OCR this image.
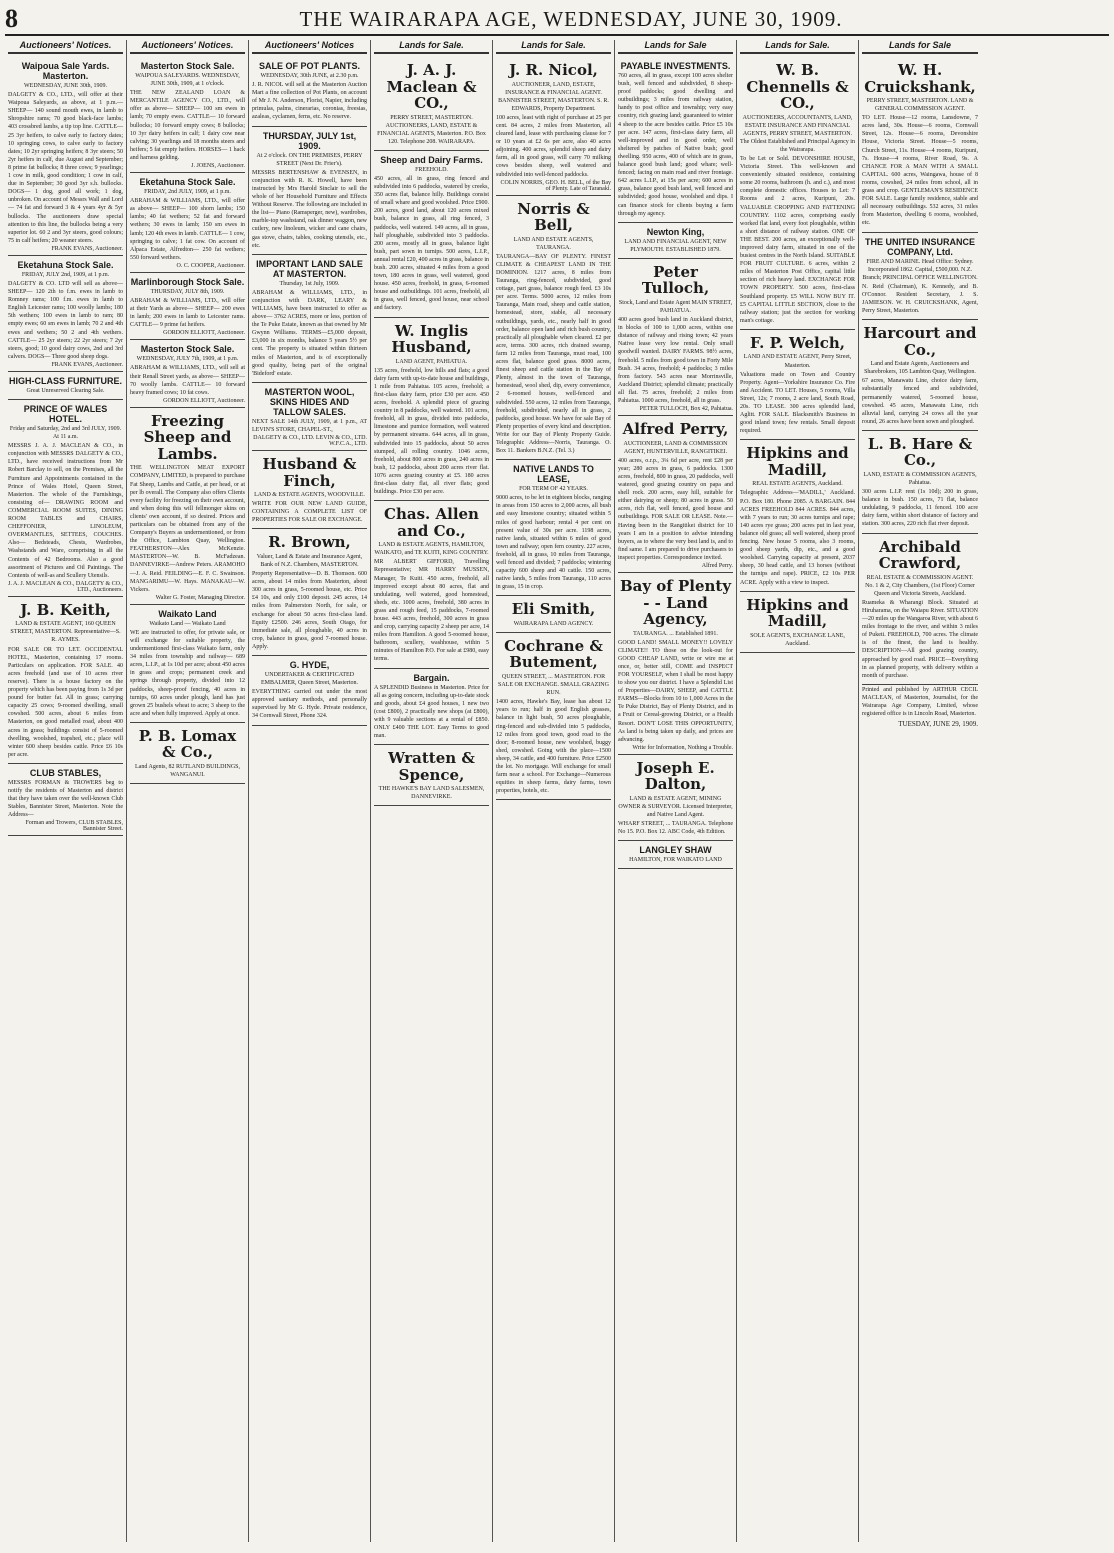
8	THE WAIRARAPA AGE, WEDNESDAY, JUNE 30, 1909.
Auctioneers' Notices.
Waipoua Sale Yards. Masterton.
WEDNESDAY, JUNE 30th, 1909.
DALGETY & CO., LTD., will offer at their Waipoua Saleyards, as above, at 1 p.m.— SHEEP— 140 sound mouth ewes, in lamb to Shropshire rams; 70 good black-face lambs; 403 crossbred lambs, a tip top line. CATTLE— 25 3yr heifers, to calve early to factory dates; 10 springing cows, to calve early to factory dates; 10 2yr springing heifers; 8 3yr steers; 50 2yr heifers in calf, due August and September; 8 prime fat bullocks; 8 three cows; 9 yearlings; 1 cow in milk, good condition; 1 cow in calf, due in September; 30 good 3yr s.h. bullocks. DOGS— 1 dog, good all work; 1 dog, unbroken. On account of Messrs Wall and Lord— 74 fat and forward 3 & 4 years 4yr & 5yr bullocks. The auctioneers draw special attention to this line, the bullocks being a very superior lot. 60 2 and 3yr steers, good colours; 75 in calf heifers; 20 weaner steers.
FRANK EVANS, Auctioneer.
Eketahuna Stock Sale.
FRIDAY, JULY 2nd, 1909, at 1 p.m.
DALGETY & CO. LTD will sell as above— SHEEP— 120 2th to f.m. ewes in lamb to Romney rams; 100 f.m. ewes in lamb to English Leicester rams; 100 woolly lambs; 180 5th wethers; 100 ewes in lamb to ram; 80 empty ewes; 60 sm ewes in lamb; 70 2 and 4th ewes and wethers; 50 2 and 4th wethers. CATTLE— 25 2yr steers; 22 2yr steers; 7 2yr steers, good; 10 good dairy cows, 2nd and 3rd calvers. DOGS— Three good sheep dogs.
FRANK EVANS, Auctioneer.
HIGH-CLASS FURNITURE.
Great Unreserved Clearing Sale.
PRINCE OF WALES HOTEL.
Friday and Saturday, 2nd and 3rd JULY, 1909. At 11 a.m.
MESSRS J. A. J. MACLEAN & CO., in conjunction with MESSRS DALGETY & CO., LTD., have received instructions from Mr Robert Barclay to sell, on the Premises, all the Furniture and Appointments contained in the Prince of Wales Hotel, Queen Street, Masterton. The whole of the Furnishings, consisting of— DRAWING ROOM and COMMERCIAL ROOM SUITES, DINING ROOM TABLES and CHAIRS, CHEFFONIER, LINOLEUM, OVERMANTLES, SETTEES, COUCHES. Also— Bedsteads, Chests, Wardrobes, Washstands and Ware, comprising in all the Contents of 42 Bedrooms. Also a good assortment of Pictures and Oil Paintings. The Contents of well-as and Scullery Utensils.
J. A. J. MACLEAN & CO., DALGETY & CO., LTD., Auctioneers.
J. B. Keith,
LAND & ESTATE AGENT, 160 QUEEN STREET, MASTERTON. Representative—S. R. AYMES.
FOR SALE OR TO LET. OCCIDENTAL HOTEL, Masterton, containing 17 rooms. Particulars on application. FOR SALE. 40 acres freehold (and use of 10 acres river reserve). There is a house factory on the property which has been paying from 1s 3d per pound for butter fat. All in grass; carrying capacity 25 cows; 9-roomed dwelling, small cowshed. 500 acres, about 6 miles from Masterton, on good metalled road, about 400 acres in grass; buildings consist of 5-roomed dwelling, woolshed, trapshed, etc.; place will winter 600 sheep besides cattle. Price £6 10s per acre.
CLUB STABLES,
MESSRS FORMAN & TROWERS beg to notify the residents of Masterton and district that they have taken over the well-known Club Stables, Bannister Street, Masterton. Note the Address—
Forman and Trowers, CLUB STABLES, Bannister Street.
Auctioneers' Notices.
Masterton Stock Sale.
WAIPOUA SALEYARDS. WEDNESDAY, JUNE 30th, 1909, at 1 o'clock.
THE NEW ZEALAND LOAN & MERCANTILE AGENCY CO., LTD., will offer as above— SHEEP— 100 sm ewes in lamb; 70 empty ewes. CATTLE— 10 forward bullocks; 10 forward empty cows; 8 bullocks; 10 3yr dairy heifers in calf; 1 dairy cow near calving; 30 yearlings and 18 months steers and heifers; 5 fat empty heifers. HORSES— 1 hack and harness gelding.
J. JOENS, Auctioneer.
Eketahuna Stock Sale.
FRIDAY, 2nd JULY, 1909, at 1 p.m.
ABRAHAM & WILLIAMS, LTD., will offer as above— SHEEP— 100 shorn lambs; 150 lambs; 40 fat wethers; 52 fat and forward wethers; 30 ewes in lamb; 150 sm ewes in lamb; 120 4th ewes in lamb. CATTLE— 1 cow, springing to calve; 1 fat cow. On account of Alpaca Estate, Alfredton— 250 fat wethers; 550 forward wethers.
O. C. COOPER, Auctioneer.
Marlinborough Stock Sale.
THURSDAY, JULY 8th, 1909.
ABRAHAM & WILLIAMS, LTD., will offer at their Yards as above— SHEEP— 200 ewes in lamb; 200 ewes in lamb to Leicester rams. CATTLE— 9 prime fat heifers.
GORDON ELLIOTT, Auctioneer.
Masterton Stock Sale.
WEDNESDAY, JULY 7th, 1909, at 1 p.m.
ABRAHAM & WILLIAMS, LTD., will sell at their Renall Street yards, as above— SHEEP— 70 woolly lambs. CATTLE— 10 forward heavy framed cows; 10 fat cows.
GORDON ELLIOTT, Auctioneer.
Freezing Sheep and Lambs.
THE WELLINGTON MEAT EXPORT COMPANY, LIMITED, is prepared to purchase Fat Sheep, Lambs and Cattle, at per head, or at per lb overall. The Company also offers Clients every facility for freezing on their own account, and when doing this will fellmonger skins on clients' own account, if so desired. Prices and particulars can be obtained from any of the Company's Buyers as undermentioned, or from the Office, Lambton Quay, Wellington. FEATHERSTON—Alex McKenzie. MASTERTON—W. B. McFadzean. DANNEVIRKE—Andrew Peters. ARAMOHO—J. A. Reid. FEILDING—E. F. C. Swainson. MANGARIMU—W. Hays. MANAKAU—W. Vickers.
Walter G. Foster, Managing Director.
Waikato Land
Waikato Land — Waikato Land
WE are instructed to offer, for private sale, or will exchange for suitable property, the undermentioned first-class Waikato farm, only 34 miles from township and railway— 689 acres, L.I.P., at 1s 10d per acre; about 450 acres in grass and crops; permanent creek and springs through property, divided into 12 paddocks, sheep-proof fencing, 40 acres in turnips, 60 acres under plough, land has just grown 25 bushels wheat to acre; 3 sheep to the acre and when fully improved. Apply at once.
P. B. Lomax & Co.,
Land Agents, 82 RUTLAND BUILDINGS, WANGANUI.
Auctioneers' Notices
SALE OF POT PLANTS.
WEDNESDAY, 30th JUNE, at 2.30 p.m.
J. R. NICOL will sell at the Masterton Auction Mart a fine collection of Pot Plants, on account of Mr J. N. Anderson, Florist, Napier, including primulas, palms, cinerarias, coronias, freesias, azaleas, cyclamen, ferns, etc. No reserve.
THURSDAY, JULY 1st, 1909.
At 2 o'clock. ON THE PREMISES, PERRY STREET (Next Dr. Frier's).
MESSRS BERTENSHAW & EVENSEN, in conjunction with R. K. Howell, have been instructed by Mrs Harold Sinclair to sell the whole of her Household Furniture and Effects Without Reserve. The following are included in the list— Piano (Ramsperger, new), wardrobes, marble-top washstand, oak dinner waggon, new cutlery, new linoleum, wicker and cane chairs, gas stove, chairs, tables, cooking utensils, etc., etc.
IMPORTANT LAND SALE AT MASTERTON.
Thursday, 1st July, 1909.
ABRAHAM & WILLIAMS, LTD., in conjunction with DARK, LEARY & WILLIAMS, have been instructed to offer as above— 3762 ACRES, more or less, portion of the Te Puke Estate, known as that owned by Mr Gwynn Williams. TERMS—£5,000 deposit, £3,000 in six months, balance 5 years 5½ per cent. The property is situated within thirteen miles of Masterton, and is of exceptionally good quality, being part of the original 'Bideford' estate.
MASTERTON WOOL, SKINS HIDES AND TALLOW SALES.
NEXT SALE 14th JULY, 1909, at 1 p.m., AT LEVIN'S STORE, CHAPEL-ST.,
DALGETY & CO., LTD. LEVIN & CO., LTD. W.F.C.A., LTD.
Husband & Finch,
LAND & ESTATE AGENTS, WOODVILLE.
WRITE FOR OUR NEW LAND GUIDE, CONTAINING A COMPLETE LIST OF PROPERTIES FOR SALE OR EXCHANGE.
R. Brown,
Valuer, Land & Estate and Insurance Agent, Bank of N.Z. Chambers, MASTERTON.
Property Representative—D. B. Thomson. 600 acres, about 14 miles from Masterton, about 300 acres in grass, 5-roomed house, etc. Price £4 10s, and only £100 deposit. 245 acres, 14 miles from Palmerston North, for sale, or exchange for about 50 acres first-class land. Equity £2500. 246 acres, South Otago, for immediate sale, all ploughable, 40 acres in crop, balance in grass, good 7-roomed house. Apply.
G. HYDE,
UNDERTAKER & CERTIFICATED EMBALMER, Queen Street, Masterton.
EVERYTHING carried out under the most approved sanitary methods, and personally supervised by Mr G. Hyde. Private residence, 34 Cornwall Street, Phone 324.
Lands for Sale.
J. A. J. Maclean & CO.,
PERRY STREET, MASTERTON. AUCTIONEERS, LAND, ESTATE & FINANCIAL AGENTS, Masterton. P.O. Box 120. Telephone 208. WAIRARAPA.
Sheep and Dairy Farms.
FREEHOLD.
450 acres, all in grass, ring fenced and subdivided into 6 paddocks, watered by creeks, 350 acres flat, balance hilly. Buildings consist of small whare and good woolshed. Price £900. 200 acres, good land, about 120 acres mixed bush, balance in grass, all ring fenced, 3 paddocks, well watered. 149 acres, all in grass, half ploughable, subdivided into 3 paddocks. 200 acres, mostly all in grass, balance light bush, part sown in turnips. 500 acres, L.I.P., annual rental £20, 400 acres in grass, balance in bush. 200 acres, situated 4 miles from a good town, 180 acres in grass, well watered, good house. 450 acres, freehold, in grass, 6-roomed house and outbuildings. 101 acres, freehold, all in grass, well fenced, good house, near school and factory.
W. Inglis Husband,
LAND AGENT, PAHIATUA.
135 acres, freehold, low hills and flats; a good dairy farm with up-to-date house and buildings, 1 mile from Pahiatua. 105 acres, freehold; a first-class dairy farm, price £30 per acre. 450 acres, freehold. A splendid piece of grazing country in 8 paddocks, well watered. 101 acres, freehold, all in grass, divided into paddocks, limestone and pumice formation, well watered by permanent streams. 644 acres, all in grass, subdivided into 15 paddocks, about 50 acres stumped, all rolling country. 1046 acres, freehold, about 800 acres in grass, 240 acres in bush, 12 paddocks, about 200 acres river flat. 1076 acres grazing country at £5. 180 acres first-class dairy flat, all river flats; good buildings. Price £30 per acre.
Chas. Allen and Co.,
LAND & ESTATE AGENTS, HAMILTON, WAIKATO, and TE KUITI, KING COUNTRY.
MR ALBERT GIFFORD, Travelling Representative; MR HARRY MUSSEN, Manager, Te Kuiti. 450 acres, freehold, all improved except about 80 acres, flat and undulating, well watered, good homestead, sheds, etc. 1000 acres, freehold, 380 acres in grass and rough feed, 15 paddocks, 7-roomed house. 443 acres, freehold, 300 acres in grass and crop, carrying capacity 2 sheep per acre, 14 miles from Hamilton. A good 5-roomed house, bathroom, scullery, washhouse, within 5 minutes of Hamilton P.O. For sale at £980, easy terms.
Bargain.
A SPLENDID Business in Masterton. Price for all as going concern, including up-to-date stock and goods, about £4 good houses, 1 new two (cost £800), 2 practically new shops (at £800), with 9 valuable sections at a rental of £850. ONLY £400 THE LOT. Easy Terms to good man.
Wratten & Spence,
THE HAWKE'S BAY LAND SALESMEN, DANNEVIRKE.
Lands for Sale.
J. R. Nicol,
AUCTIONEER, LAND, ESTATE, INSURANCE & FINANCIAL AGENT. BANNISTER STREET, MASTERTON. S. R. EDWARDS, Property Department.
100 acres, least with right of purchase at 25 per cent. 84 acres, 2 miles from Masterton, all cleared land, lease with purchasing clause for 7 or 10 years at £2 6s per acre, also 40 acres adjoining. 400 acres, splendid sheep and dairy farm, all in good grass, will carry 70 milking cows besides sheep, well watered and subdivided into well-fenced paddocks.
COLIN NORRIS, GEO. H. BELL, of the Bay of Plenty. Late of Taranaki.
Norris & Bell,
LAND AND ESTATE AGENTS, TAURANGA.
TAURANGA—BAY OF PLENTY. FINEST CLIMATE & CHEAPEST LAND IN THE DOMINION. 1217 acres, 8 miles from Tauranga, ring-fenced, subdivided, good cottage, part grass, balance rough feed. £3 10s per acre. Terms. 5000 acres, 12 miles from Tauranga, Main road, sheep and cattle station, homestead, store, stable, all necessary outbuildings, yards, etc., nearly half in good order, balance open land and rich bush country, practically all ploughable when cleared. £2 per acre, terms. 300 acres, rich drained swamp, farm 12 miles from Tauranga, must road, 100 acres flat, balance good grass. 8000 acres, finest sheep and cattle station in the Bay of Plenty, almost in the town of Tauranga, homestead, wool shed, dip, every convenience, 2 6-roomed houses, well-fenced and subdivided. 550 acres, 12 miles from Tauranga, freehold, subdivided, nearly all in grass, 2 paddocks, good house. We have for sale Bay of Plenty properties of every kind and description. Write for our Bay of Plenty Property Guide. Telegraphic Address—Norris, Tauranga. O. Box 11. Bankers B.N.Z. (Tel. 3.)
NATIVE LANDS TO LEASE,
FOR TERM OF 42 YEARS.
9000 acres, to be let in eighteen blocks, ranging in areas from 150 acres to 2,000 acres, all bush and easy limestone country; situated within 5 miles of good harbour; rental 4 per cent on present value of 30s per acre. 1198 acres, native lands, situated within 6 miles of good town and railway; open fern country. 227 acres, freehold, all in grass, 10 miles from Tauranga, well fenced and divided; 7 paddocks; wintering capacity 600 sheep and 40 cattle. 150 acres, native lands, 5 miles from Tauranga, 110 acres in grass, 15 in crop.
Eli Smith,
WAIRARAPA LAND AGENCY.
Cochrane & Butement,
QUEEN STREET, ... MASTERTON. FOR SALE OR EXCHANGE. SMALL GRAZING RUN.
1400 acres, Hawke's Bay, lease has about 12 years to run; half in good English grasses, balance in light bush, 50 acres ploughable, ring-fenced and sub-divided into 5 paddocks, 12 miles from good town, good road to the door; 8-roomed house, new woolshed, buggy shed, cowshed. Going with the place—1500 sheep, 34 cattle, and 400 furniture. Price £2500 the lot. No mortgage. Will exchange for small farm near a school. For Exchange—Numerous equities in sheep farms, dairy farms, town properties, hotels, etc.
Lands for Sale
PAYABLE INVESTMENTS.
760 acres, all in grass, except 100 acres shelter bush, well fenced and subdivided, 8 sheep-proof paddocks; good dwelling and outbuildings; 3 miles from railway station, handy to post office and township; very easy country, rich grazing land; guaranteed to winter 4 sheep to the acre besides cattle. Price £5 10s per acre. 147 acres, first-class dairy farm, all well-improved and in good order, well sheltered by patches of Native bush; good dwelling. 950 acres, 400 of which are in grass, balance good bush land; good whare; well-fenced; facing on main road and river frontage. 642 acres L.I.P., at 15s per acre; 600 acres in grass, balance good bush land, well fenced and subdivided; good house, woolshed and dips. I can finance stock for clients buying a farm through my agency.
Newton King,
LAND AND FINANCIAL AGENT, NEW PLYMOUTH. ESTABLISHED 1879.
Peter Tulloch,
Stock, Land and Estate Agent MAIN STREET, PAHIATUA.
400 acres good bush land in Auckland district, in blocks of 100 to 1,000 acres, within one distance of railway and rising town; 42 years Native lease very low rental. Only small goodwill wanted. DAIRY FARMS. 98½ acres, freehold. 5 miles from good town in Forty Mile Bush. 34 acres, freehold; 4 paddocks; 3 miles from factory. 543 acres near Morrinsville, Auckland District; splendid climate; practically all flat. 75 acres, freehold; 2 miles from Pahiatua. 1000 acres, freehold, all in grass.
PETER TULLOCH, Box 42, Pahiatua.
Alfred Perry,
AUCTIONEER, LAND & COMMISSION AGENT, HUNTERVILLE, RANGITIKEI.
400 acres, o.r.p., 3¼ 6d per acre, rent £28 per year; 280 acres in grass, 6 paddocks. 1300 acres, freehold, 800 in grass, 20 paddocks, well watered, good grazing country on papa and shell rock. 200 acres, easy hill, suitable for either dairying or sheep; 80 acres in grass. 50 acres, rich flat, well fenced, good house and outbuildings. FOR SALE OR LEASE. Note.—Having been in the Rangitikei district for 10 years I am in a position to advise intending buyers, as to where the very best land is, and to find same. I am prepared to drive purchasers to inspect properties. Correspondence invited.
Alfred Perry.
Bay of Plenty - - Land Agency,
TAURANGA. ... Established 1891.
GOOD LAND! SMALL MONEY!! LOVELY CLIMATE!! TO those on the look-out for GOOD CHEAP LAND, write or wire me at once, or, better still, COME and INSPECT FOR YOURSELF, when I shall be most happy to show you our district. I have a Splendid List of Properties—DAIRY, SHEEP, and CATTLE FARMS—Blocks from 10 to 1,000 Acres in the Te Puke District, Bay of Plenty District, and in a Fruit or Cereal-growing District, or a Health Resort. DON'T LOSE THIS OPPORTUNITY, As land is being taken up daily, and prices are advancing.
Write for Information, Nothing a Trouble.
Joseph E. Dalton,
LAND & ESTATE AGENT, MINING OWNER & SURVEYOR. Licensed Interpreter, and Native Land Agent.
WHARF STREET, ... TAURANGA. Telephone No 15. P.O. Box 12. ABC Code, 4th Edition.
LANGLEY SHAW
HAMILTON, FOR WAIKATO LAND
Lands for Sale.
W. B. Chennells & CO.,
AUCTIONEERS, ACCOUNTANTS, LAND, ESTATE INSURANCE AND FINANCIAL AGENTS, PERRY STREET, MASTERTON. The Oldest Established and Principal Agency in the Wairarapa.
To be Let or Sold. DEVONSHIRE HOUSE, Victoria Street. This well-known and conveniently situated residence, containing some 20 rooms, bathroom (h. and c.), and most complete domestic offices. Houses to Let: 7 Rooms and 2 acres, Kuripuni, 20s. VALUABLE CROPPING AND FATTENING COUNTRY. 1102 acres, comprising easily worked flat land, every foot ploughable, within a short distance of railway station. ONE OF THE BEST. 200 acres, an exceptionally well-improved dairy farm, situated in one of the busiest centres in the North Island. SUITABLE FOR FRUIT CULTURE. 6 acres, within 2 miles of Masterton Post Office, capital little section of rich heavy land. EXCHANGE FOR TOWN PROPERTY. 500 acres, first-class Southland property. £5 WILL NOW BUY IT. £5 CAPITAL LITTLE SECTION, close to the railway station; just the section for working man's cottage.
F. P. Welch,
LAND AND ESTATE AGENT, Perry Street, Masterton.
Valuations made on Town and Country Property. Agent—Yorkshire Insurance Co. Fire and Accident. TO LET. Houses, 5 rooms, Villa Street, 12s; 7 rooms, 2 acre land, South Road, 20s. TO LEASE. 300 acres splendid land, Aglitt. FOR SALE. Blacksmith's Business in good inland town; few rentals. Small deposit required.
Hipkins and Madill,
REAL ESTATE AGENTS, Auckland.
Telegraphic Address—'MADILL,' Auckland. P.O. Box 180. Phone 2085. A BARGAIN. 844 ACRES FREEHOLD 844 ACRES. 844 acres, with 7 years to run; 30 acres turnips and rape; 140 acres rye grass; 200 acres put in last year, balance old grass; all well watered, sheep proof fencing. New house 5 rooms, also 3 rooms, good sheep yards, dip, etc., and a good woolshed. Carrying capacity at present, 2037 sheep, 30 head cattle, and 13 horses (without the turnips and rape). PRICE, £2 10s PER ACRE. Apply with a view to inspect.
Hipkins and Madill,
SOLE AGENTS, EXCHANGE LANE, Auckland.
Lands for Sale
W. H. Cruickshank,
PERRY STREET, MASTERTON. LAND & GENERAL COMMISSION AGENT.
TO LET. House—12 rooms, Lansdowne, 7 acres land, 30s. House—6 rooms, Cornwall Street, 12s. House—6 rooms, Devonshire House, Victoria Street. House—5 rooms, Church Street, 11s. House—4 rooms, Kuripuni, 7s. House—4 rooms, River Road, 9s. A CHANCE FOR A MAN WITH A SMALL CAPITAL. 600 acres, Waingawa, house of 8 rooms, cowshed, 24 miles from school, all in grass and crop. GENTLEMAN'S RESIDENCE FOR SALE. Large family residence, stable and all necessary outbuildings. 532 acres, 31 miles from Masterton, dwelling 6 rooms, woolshed, etc.
THE UNITED INSURANCE COMPANY, Ltd.
FIRE AND MARINE. Head Office: Sydney. Incorporated 1862. Capital, £500,000. N.Z. Branch; PRINCIPAL OFFICE WELLINGTON.
N. Reid (Chairman), K. Kennedy, and B. O'Connor. Resident Secretary, J. S. JAMIESON. W. H. CRUICKSHANK, Agent, Perry Street, Masterton.
Harcourt and Co.,
Land and Estate Agents, Auctioneers and Sharebrokers, 105 Lambton Quay, Wellington.
67 acres, Manawatu Line, choice dairy farm, substantially fenced and subdivided, permanently watered, 5-roomed house, cowshed. 45 acres, Manawatu Line, rich alluvial land, carrying 24 cows all the year round, 26 acres have been sown and ploughed.
L. B. Hare & Co.,
LAND, ESTATE & COMMISSION AGENTS, Pahiatua.
300 acres L.I.P. rent (1s 10d); 200 in grass, balance in bush. 150 acres, 71 flat, balance undulating, 9 paddocks, 11 fenced. 100 acre dairy farm, within short distance of factory and station. 300 acres, 220 rich flat river deposit.
Archibald Crawford,
REAL ESTATE & COMMISSION AGENT. No. 1 & 2, City Chambers, (1st Floor) Corner Queen and Victoria Streets, Auckland.
Ruameka & Wharangi Block. Situated at Hiruharama, on the Waiapu River. SITUATION—20 miles up the Wangaroa River, with about 6 miles frontage to the river, and within 3 miles of Puketi. FREEHOLD, 700 acres. The climate is of the finest, the land is healthy. DESCRIPTION—All good grazing country, approached by good road. PRICE—Everything in as planned property, with delivery within a month of purchase.
Printed and published by ARTHUR CECIL MACLEAN, of Masterton, Journalist, for the Wairarapa Age Company, Limited, whose registered office is in Lincoln Road, Masterton.
TUESDAY, JUNE 29, 1909.
